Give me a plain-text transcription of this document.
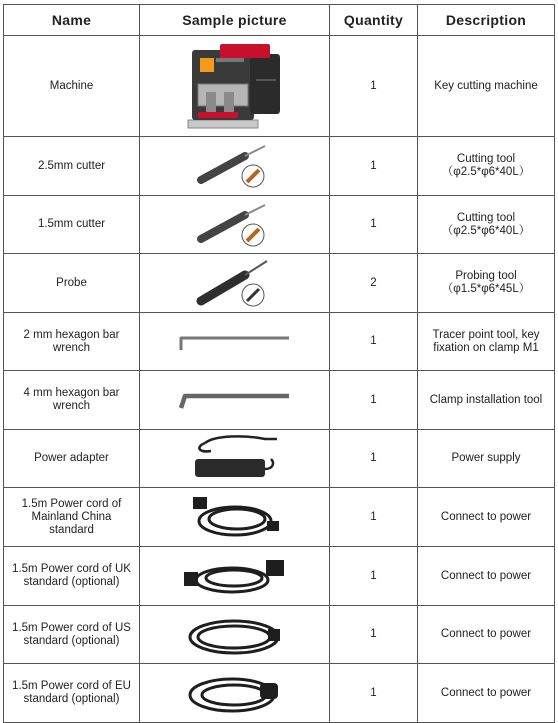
Name	Sample picture	Quantity	Description
Machine		1	Key cutting machine

2.5mm cutter		1	Cutting tool
（φ2.5*φ6*40L）

1.5mm cutter		1	Cutting tool
（φ2.5*φ6*40L）

Probe		2	Probing tool
（φ1.5*φ6*45L）

2 mm hexagon bar wrench		1	Tracer point tool, key fixation on clamp M1

4 mm hexagon bar wrench		1	Clamp installation tool

Power adapter		1	Power supply

1.5m Power cord of Mainland China standard		1	Connect to power

1.5m Power cord of UK standard (optional)		1	Connect to power

1.5m Power cord of US standard (optional)		1	Connect to power

1.5m Power cord of EU standard (optional)		1	Connect to power
